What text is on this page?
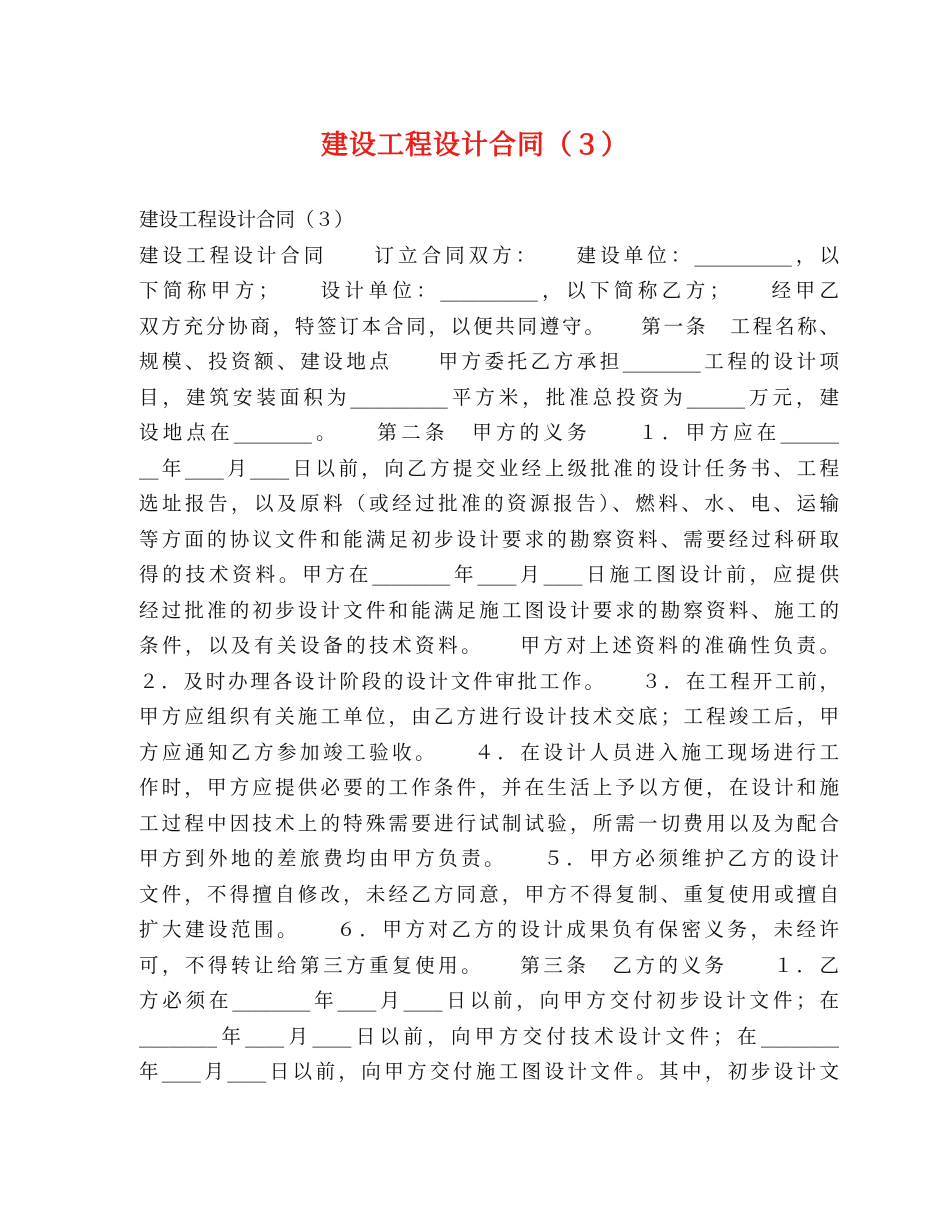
建设工程设计合同（３）
建设工程设计合同（３）
建设工程设计合同　　订立合同双方：　　建设单位：__________，以
下简称甲方；　　设计单位：__________，以下简称乙方；　　经甲乙
双方充分协商，特签订本合同，以便共同遵守。　　第一条　工程名称、
规模、投资额、建设地点　　甲方委托乙方承担________工程的设计项
目，建筑安装面积为__________平方米，批准总投资为______万元，建
设地点在________。　　第二条　甲方的义务　　１．甲方应在______
__年____月____日以前，向乙方提交业经上级批准的设计任务书、工程
选址报告，以及原料（或经过批准的资源报告）、燃料、水、电、运输
等方面的协议文件和能满足初步设计要求的勘察资料、需要经过科研取
得的技术资料。甲方在________年____月____日施工图设计前，应提供
经过批准的初步设计文件和能满足施工图设计要求的勘察资料、施工的
条件，以及有关设备的技术资料。　　甲方对上述资料的准确性负责。
２．及时办理各设计阶段的设计文件审批工作。　　３．在工程开工前，
甲方应组织有关施工单位，由乙方进行设计技术交底；工程竣工后，甲
方应通知乙方参加竣工验收。　　４．在设计人员进入施工现场进行工
作时，甲方应提供必要的工作条件，并在生活上予以方便，在设计和施
工过程中因技术上的特殊需要进行试制试验，所需一切费用以及为配合
甲方到外地的差旅费均由甲方负责。　　５．甲方必须维护乙方的设计
文件，不得擅自修改，未经乙方同意，甲方不得复制、重复使用或擅自
扩大建设范围。　　６．甲方对乙方的设计成果负有保密义务，未经许
可，不得转让给第三方重复使用。　　第三条　乙方的义务　　１．乙
方必须在________年____月____日以前，向甲方交付初步设计文件；在
________年____月____日以前，向甲方交付技术设计文件；在________
年____月____日以前，向甲方交付施工图设计文件。其中，初步设计文
